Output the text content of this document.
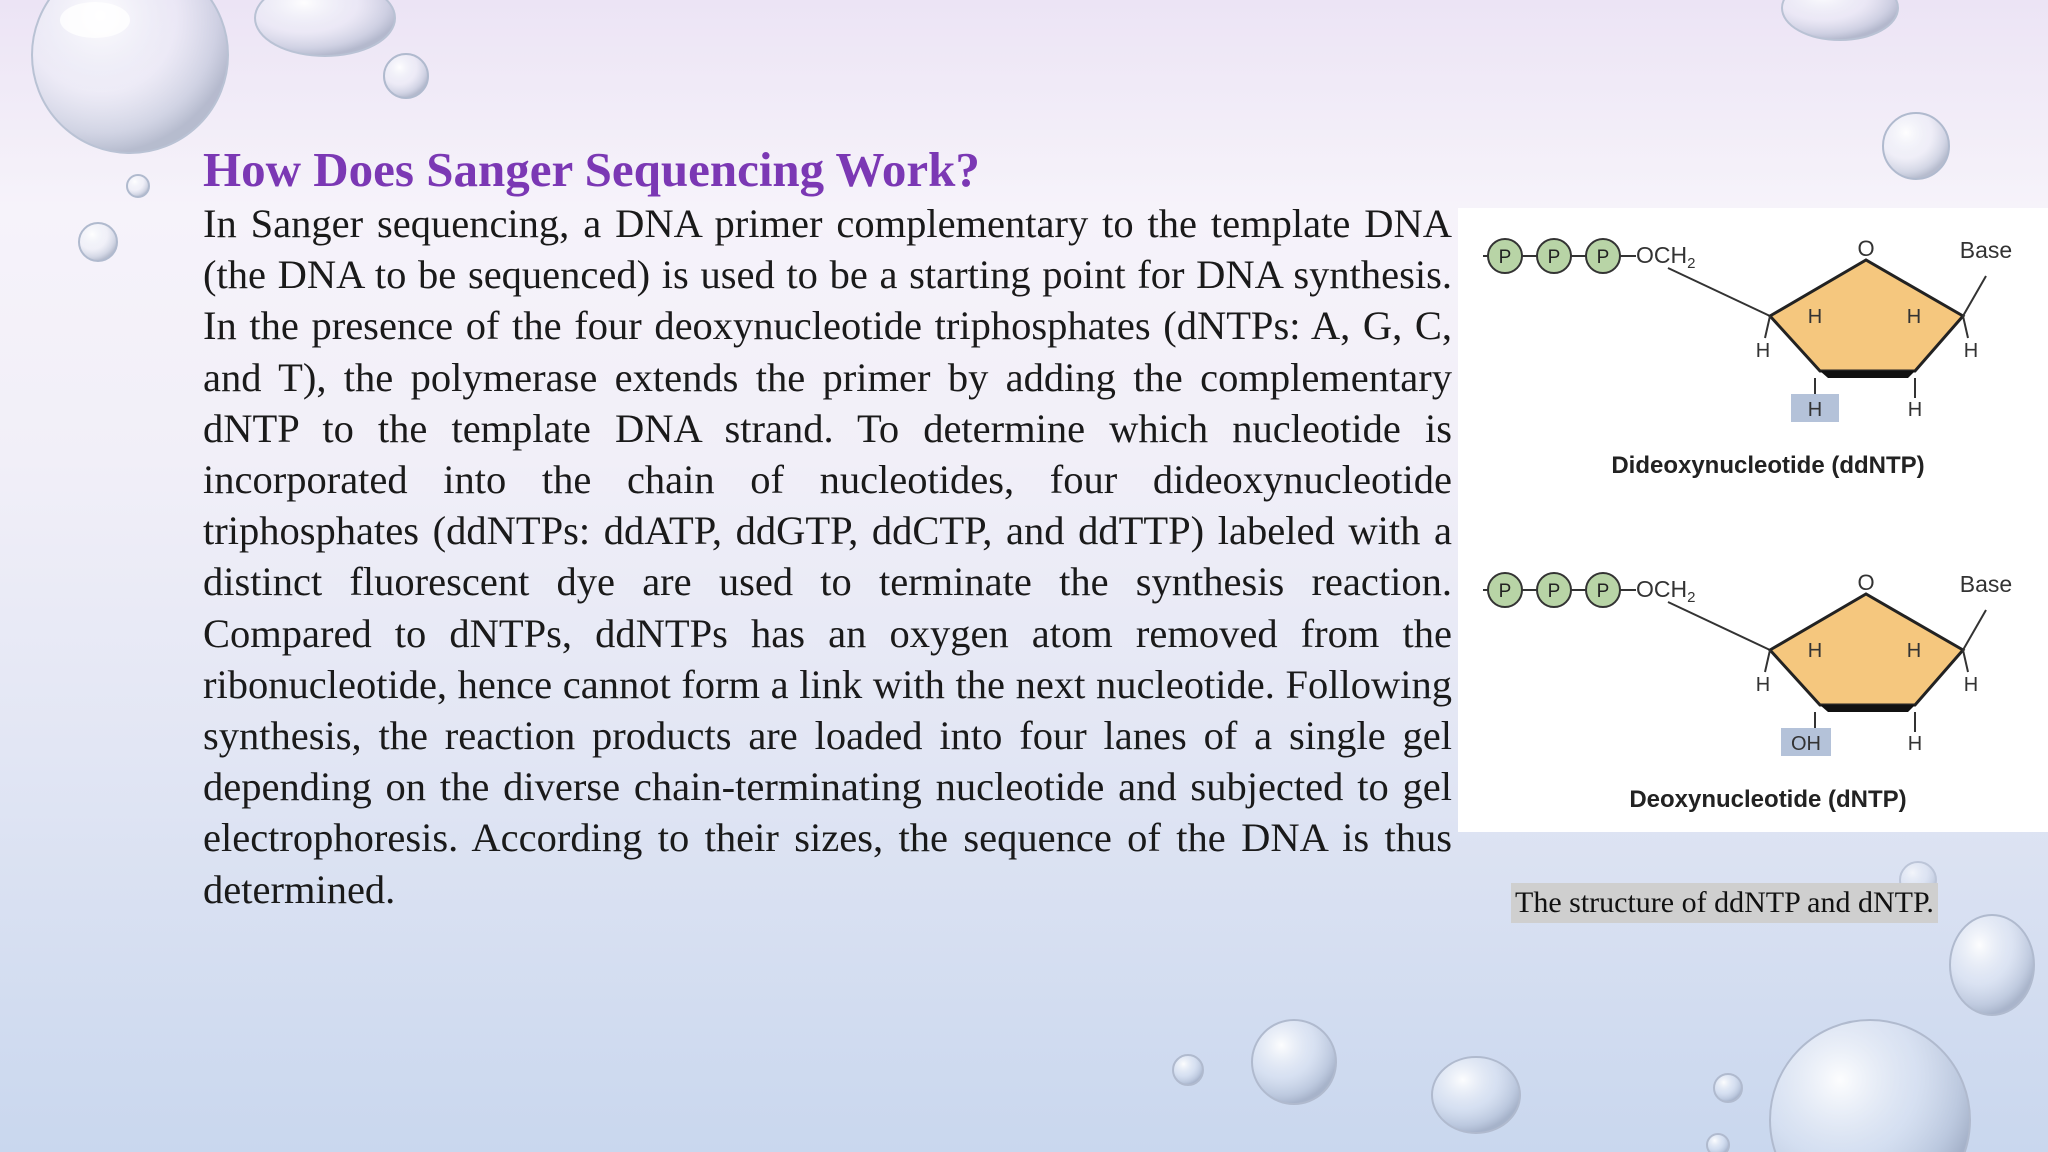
How Does Sanger Sequencing Work?

In Sanger sequencing, a DNA primer complementary to the template DNA (the DNA to be sequenced) is used to be a starting point for DNA synthesis. In the presence of the four deoxynucleotide triphosphates (dNTPs: A, G, C, and T), the polymerase extends the primer by adding the complementary dNTP to the template DNA strand. To determine which nucleotide is incorporated into the chain of nucleotides, four dideoxynucleotide triphosphates (ddNTPs: ddATP, ddGTP, ddCTP, and ddTTP) labeled with a distinct fluorescent dye are used to terminate the synthesis reaction. Compared to dNTPs, ddNTPs has an oxygen atom removed from the ribonucleotide, hence cannot form a link with the next nucleotide. Following synthesis, the reaction products are loaded into four lanes of a single gel depending on the diverse chain-terminating nucleotide and subjected to gel electrophoresis. According to their sizes, the sequence of the DNA is thus determined.

P P P $OCH_2$
O	Base
H	H
H	H
H	H
Dideoxynucleotide (ddNTP)
P P P $OCH_2$
O	Base
H	H
H	H
OH	H
Deoxynucleotide (dNTP)

The structure of ddNTP and dNTP.
